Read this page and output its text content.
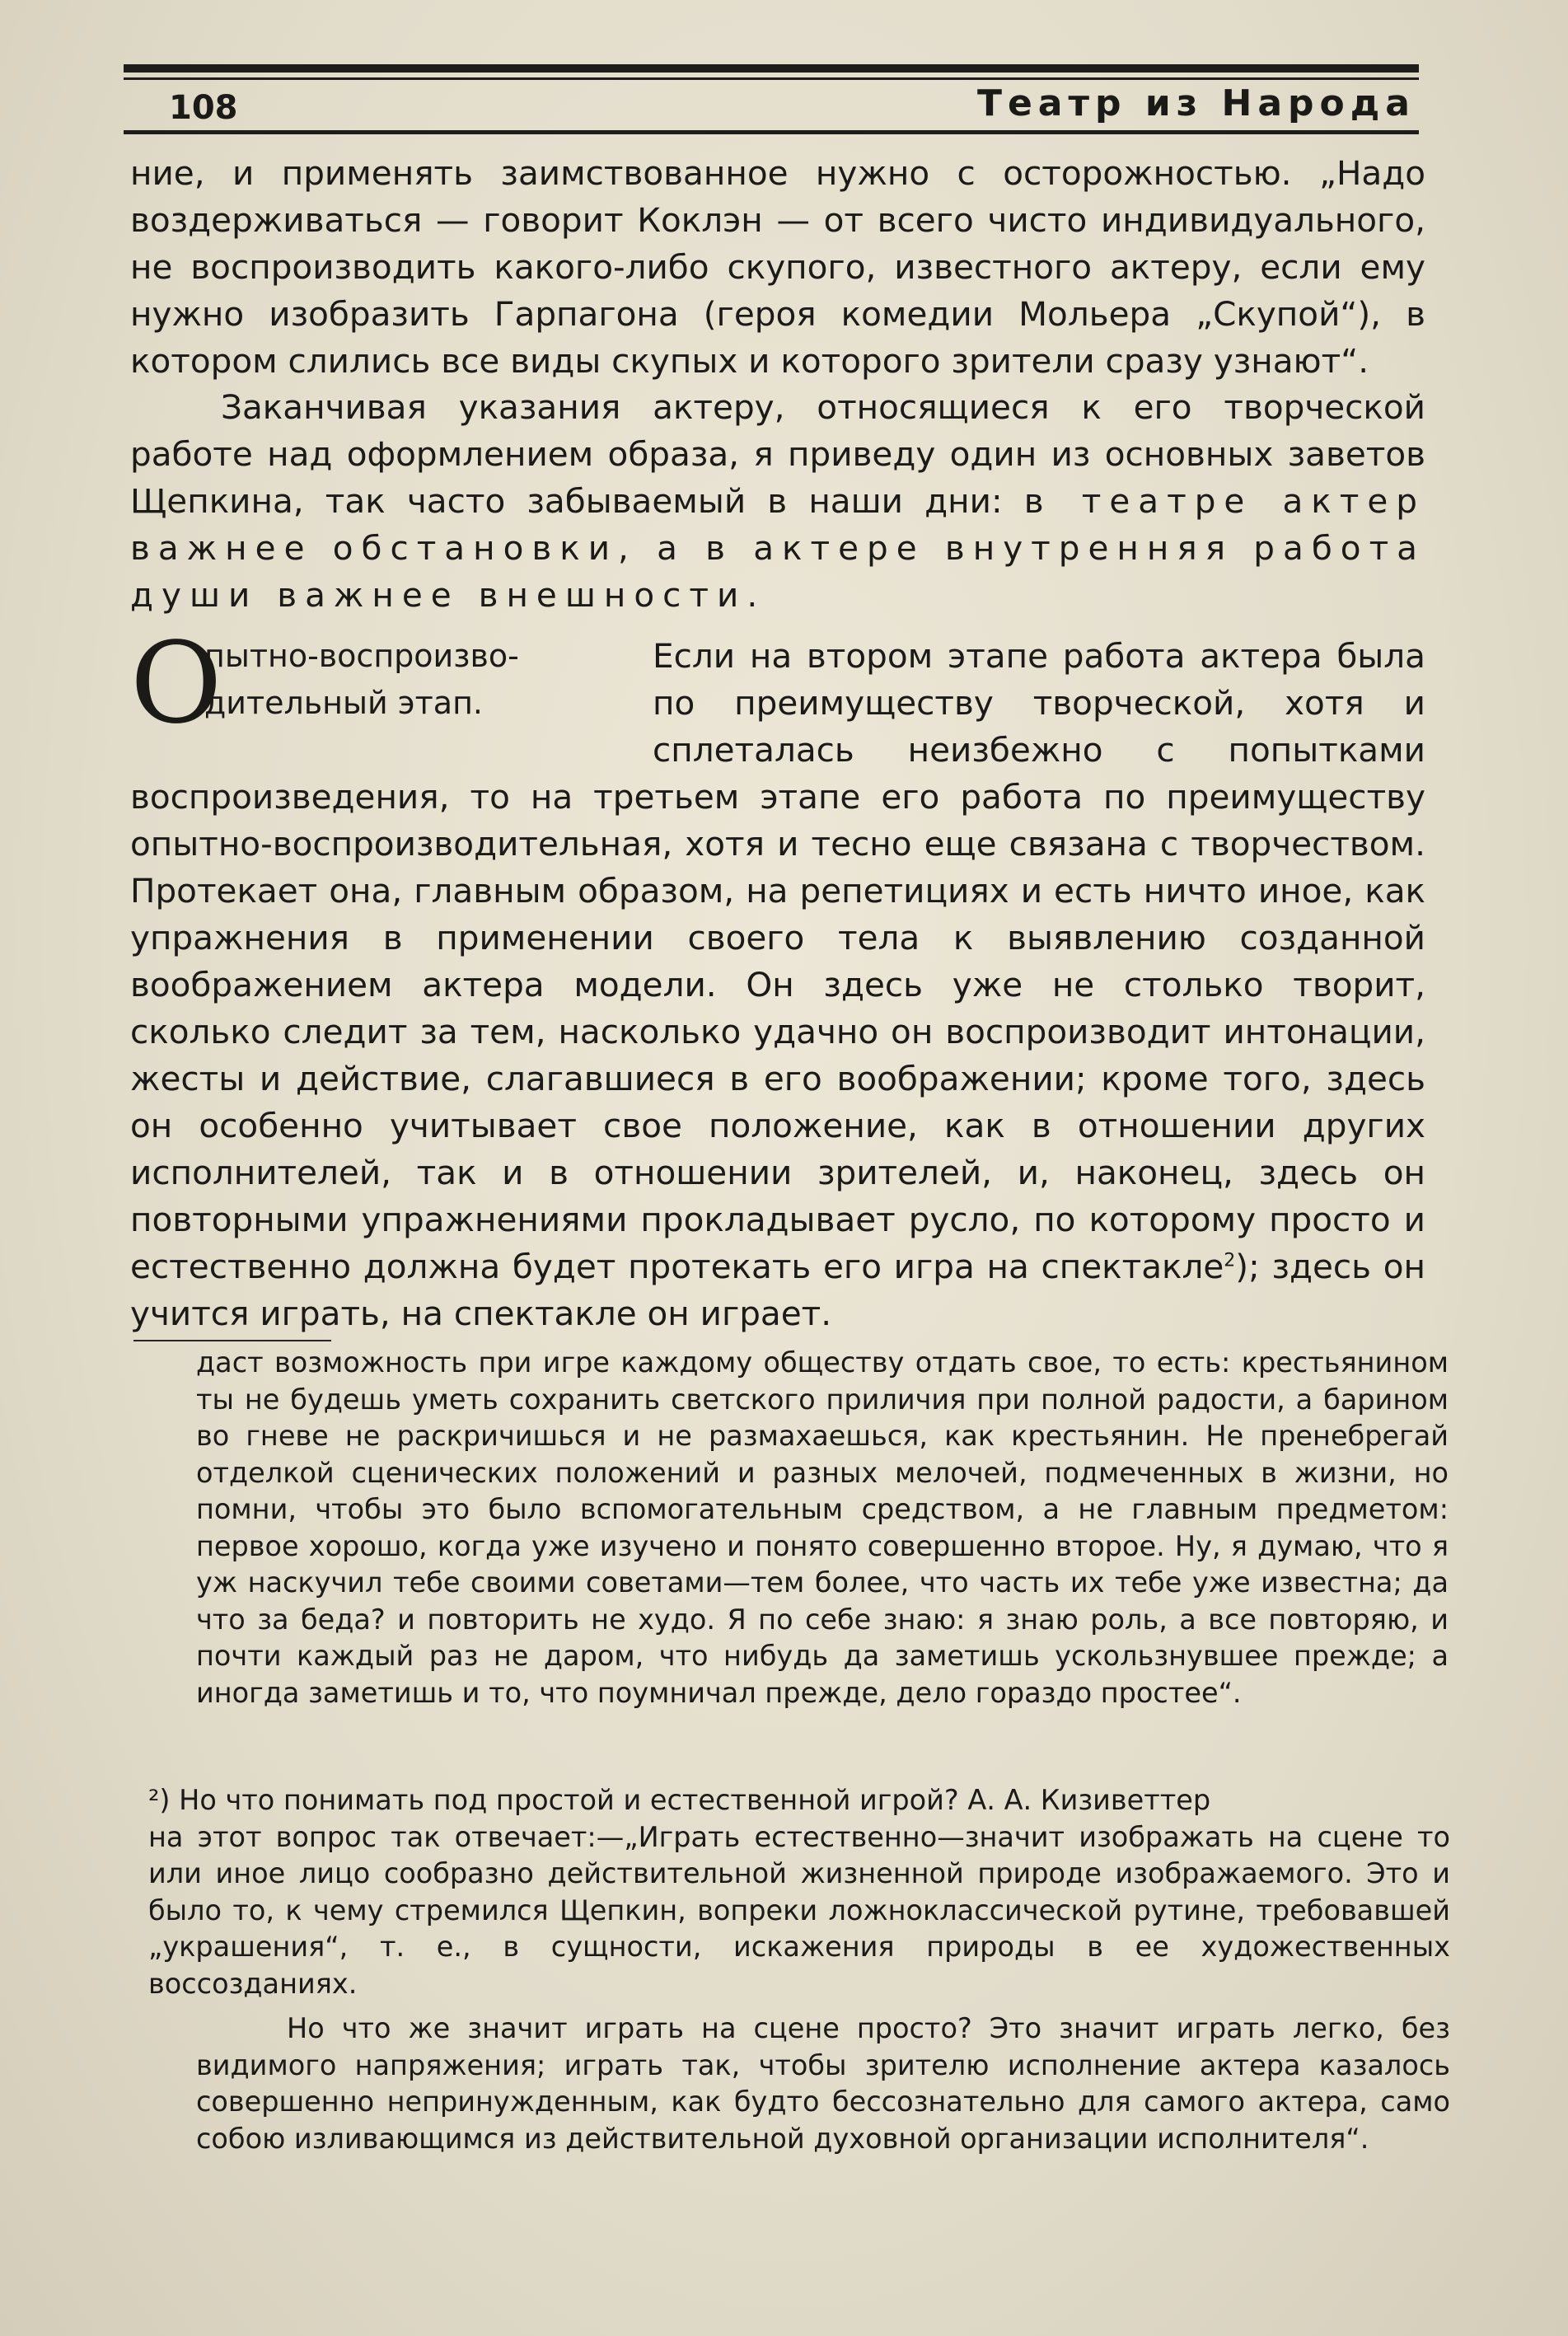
108	Театр из Народа

ние, и применять заимствованное нужно с осторожностью. „Надо воздерживаться — говорит Коклэн — от всего чисто индивидуального, не воспроизводить какого-либо скупого, известного актеру, если ему нужно изобразить Гарпагона (героя комедии Мольера „Скупой“), в котором слились все виды скупых и которого зрители сразу узнают“.

Заканчивая указания актеру, относящиеся к его творческой работе над оформлением образа, я приведу один из основных заветов Щепкина, так часто забываемый в наши дни: в театре актер важнее обстановки, а в актере внутренняя работа души важнее внешности.

О
пытно-воспроизво-
дительный этап.
Если на втором этапе работа актера была по преимуществу творческой, хотя и сплеталась неизбежно с попытками воспроизведения, то на третьем этапе его работа по преимуществу опытно-воспроизводительная, хотя и тесно еще связана с творчеством. Протекает она, главным образом, на репетициях и есть ничто иное, как упражнения в применении своего тела к выявлению созданной воображением актера модели. Он здесь уже не столько творит, сколько следит за тем, насколько удачно он воспроизводит интонации, жесты и действие, слагавшиеся в его воображении; кроме того, здесь он особенно учитывает свое положение, как в отношении других исполнителей, так и в отношении зрителей, и, наконец, здесь он повторными упражнениями прокладывает русло, по которому просто и естественно должна будет протекать его игра на спектакле$^2$); здесь он учится играть, на спектакле он играет.
даст возможность при игре каждому обществу отдать свое, то есть: крестьянином ты не будешь уметь сохранить светского приличия при полной радости, а барином во гневе не раскричишься и не размахаешься, как крестьянин. Не пренебрегай отделкой сценических положений и разных мелочей, подмеченных в жизни, но помни, чтобы это было вспомогательным средством, а не главным предметом: первое хорошо, когда уже изучено и понято совершенно второе. Ну, я думаю, что я уж наскучил тебе своими советами—тем более, что часть их тебе уже известна; да что за беда? и повторить не худо. Я по себе знаю: я знаю роль, а все повторяю, и почти каждый раз не даром, что нибудь да заметишь ускользнувшее прежде; а иногда заметишь и то, что поумничал прежде, дело гораздо простее“.

²) Но что понимать под простой и естественной игрой? А. А. Кизиветтер

на этот вопрос так отвечает:—„Играть естественно—значит изображать на сцене то или иное лицо сообразно действительной жизненной природе изображаемого. Это и было то, к чему стремился Щепкин, вопреки ложноклассической рутине, требовавшей „украшения“, т. е., в сущности, искажения природы в ее художественных воссозданиях.

Но что же значит играть на сцене просто? Это значит играть легко, без видимого напряжения; играть так, чтобы зрителю исполнение актера казалось совершенно непринужденным, как будто бессознательно для самого актера, само собою изливающимся из действительной духовной организации исполнителя“.
